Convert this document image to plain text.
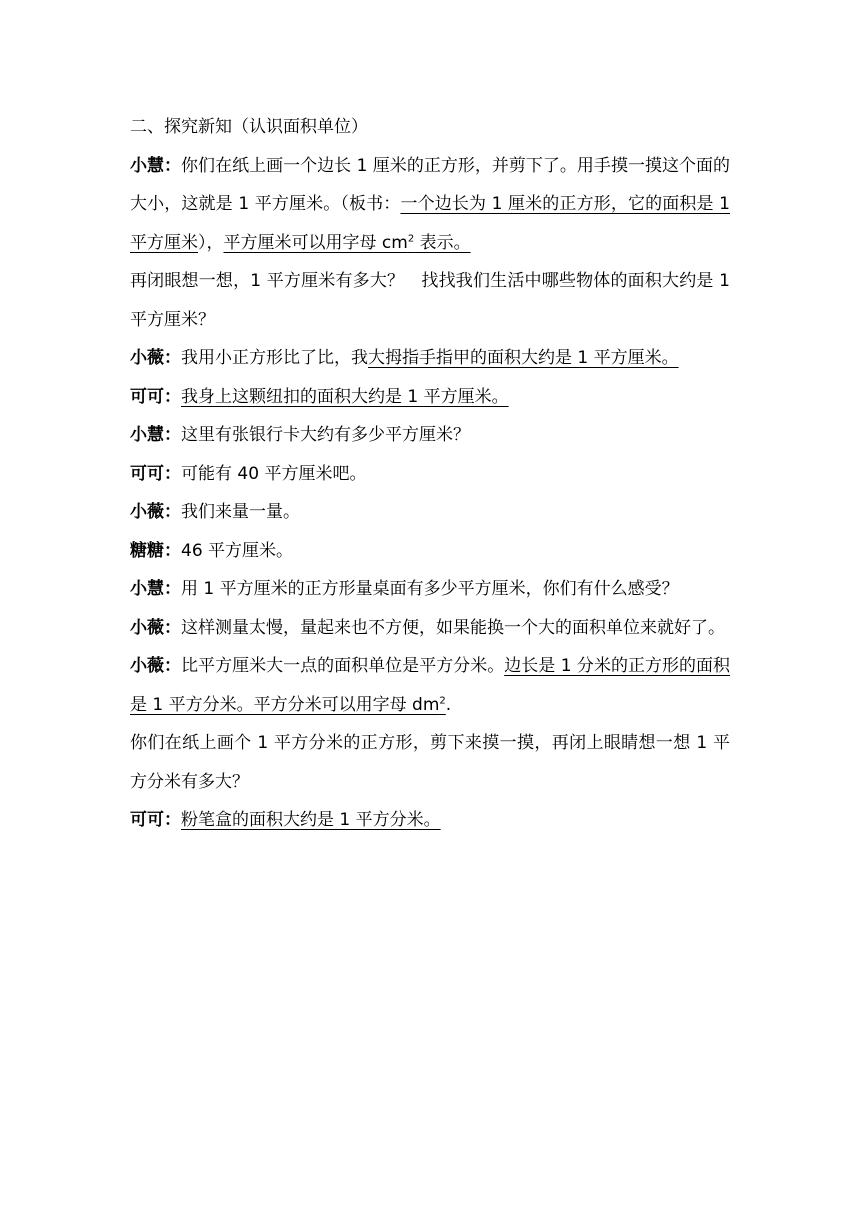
二、探究新知（认识面积单位）

小慧：你们在纸上画一个边长 1 厘米的正方形，并剪下了。用手摸一摸这个面的大小，这就是 1 平方厘米。（板书：一个边长为 1 厘米的正方形，它的面积是 1 平方厘米），平方厘米可以用字母 $cm^2$ 表示。

再闭眼想一想，1 平方厘米有多大？　找找我们生活中哪些物体的面积大约是 1 平方厘米？

小薇：我用小正方形比了比，我大拇指手指甲的面积大约是 1 平方厘米。

可可：我身上这颗纽扣的面积大约是 1 平方厘米。

小慧：这里有张银行卡大约有多少平方厘米？

可可：可能有 40 平方厘米吧。

小薇：我们来量一量。

糖糖：46 平方厘米。

小慧：用 1 平方厘米的正方形量桌面有多少平方厘米，你们有什么感受？

小薇：这样测量太慢，量起来也不方便，如果能换一个大的面积单位来就好了。

小薇：比平方厘米大一点的面积单位是平方分米。边长是 1 分米的正方形的面积是 1 平方分米。平方分米可以用字母 $dm^2$.

你们在纸上画个 1 平方分米的正方形，剪下来摸一摸，再闭上眼睛想一想 1 平方分米有多大？

可可：粉笔盒的面积大约是 1 平方分米。
